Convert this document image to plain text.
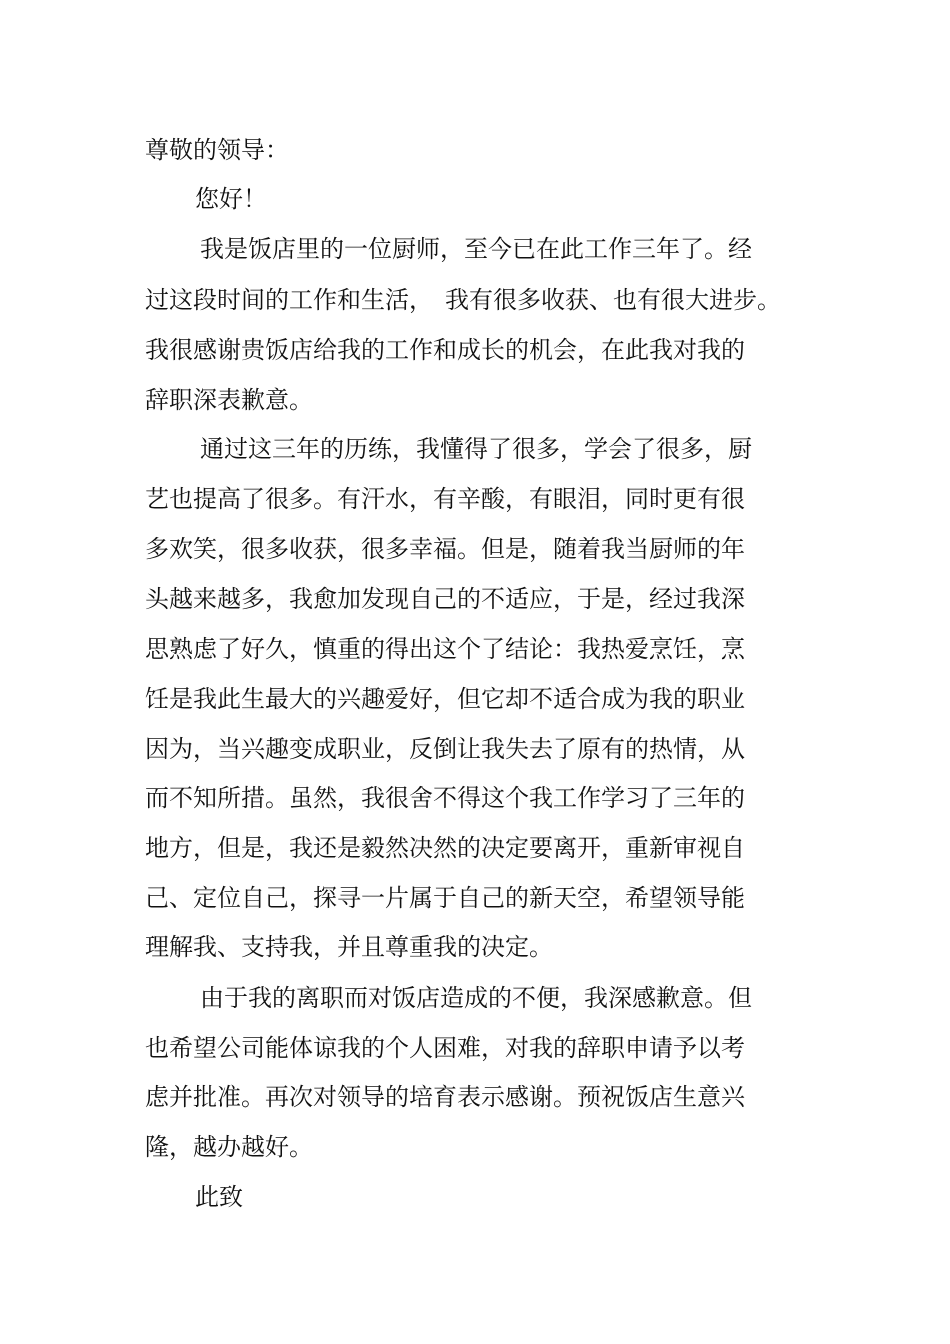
尊敬的领导：
您好！
我是饭店里的一位厨师，至今已在此工作三年了。经
过这段时间的工作和生活，　我有很多收获、也有很大进步。
我很感谢贵饭店给我的工作和成长的机会，在此我对我的
辞职深表歉意。
通过这三年的历练，我懂得了很多，学会了很多，厨
艺也提高了很多。有汗水，有辛酸，有眼泪，同时更有很
多欢笑，很多收获，很多幸福。但是，随着我当厨师的年
头越来越多，我愈加发现自己的不适应，于是，经过我深
思熟虑了好久，慎重的得出这个了结论：我热爱烹饪，烹
饪是我此生最大的兴趣爱好，但它却不适合成为我的职业
因为，当兴趣变成职业，反倒让我失去了原有的热情，从
而不知所措。虽然，我很舍不得这个我工作学习了三年的
地方，但是，我还是毅然决然的决定要离开，重新审视自
己、定位自己，探寻一片属于自己的新天空，希望领导能
理解我、支持我，并且尊重我的决定。
由于我的离职而对饭店造成的不便，我深感歉意。但
也希望公司能体谅我的个人困难，对我的辞职申请予以考
虑并批准。再次对领导的培育表示感谢。预祝饭店生意兴
隆，越办越好。
此致
